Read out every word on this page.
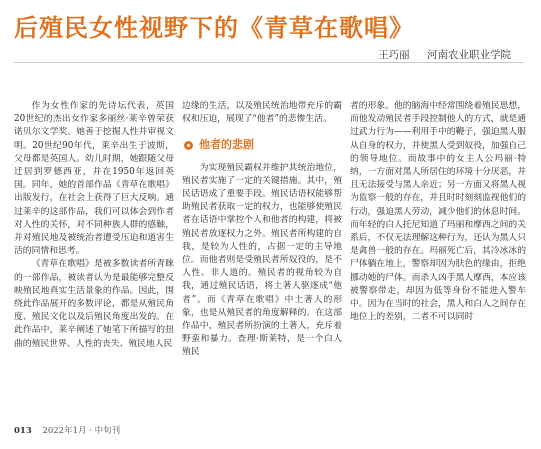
后殖民女性视野下的《青草在歌唱》
王巧丽 河南农业职业学院

作为女性作家的先诗坛代表，英国20世纪的杰出女作家多丽丝·莱辛曾荣获诺贝尔文学奖。她善于挖掘人性并审视文明。20世纪90年代，莱辛出生于波斯，父母都是英国人。幼儿时期，她跟随父母迁居到罗德西亚，并在1950年返回英国。同年，她的首部作品《青草在歌唱》出版发行，在社会上获得了巨大反响。通过莱辛的这部作品，我们可以体会到作者对人性的关怀，对不同种族人群的感触，并对殖民地及被统治者遭受压迫和道害生活的同情和思考。

《青草在歌唱》是被多数读者所青睐的一部作品，被读者认为是最能够完整反映殖民地真实生活景象的作品。因此，围绕此作品展开的多数评论，都是从殖民角度、殖民文化以及后殖民角度出发的。在此作品中，莱辛阐述了她笔下所描写的扭曲的殖民世界、人性的丧失、殖民地人民

边缘的生活，以及殖民统治地带充斥的霸权和压迫，展现了“他者”的悲惨生活。

他者的悲剧

为实现殖民霸权并维护其统治地位，殖民者实施了一定的关键措施。其中，殖民话语成了重要手段。殖民话语权能够帮助殖民者获取一定的权力，也能够使殖民者在话语中掌控个人和他者的构建，将被殖民者放逐权力之外。殖民者所构建的自我，是较为人性的，占据一定的主导地位。而他者则是受殖民者所奴役的，是不人性、非人道的。殖民者的视角较为自我，通过殖民话语，将土著人驱逐成“他者”。而《青草在歌唱》中土著人的形象，也是从殖民者的角度解释的。在这部作品中，殖民者所扮演的土著人，充斥着野蛮和暴力。查理·斯莱特，是一个白人殖民

者的形象。他的脑海中经常围绕着殖民思想，而他发动殖民者手段控制他人的方式，就是通过武力行为——利用手中的鞭子，强迫黑人服从自身的权力，并使黑人受到奴役，加强自己的领导地位。而故事中的女主人公玛丽·特纳，一方面对黑人所居住的环境十分厌恶，并且无法接受与黑人亲近；另一方面又将黑人视为监察一般的存在，并且时时刻刻监视他们的行动，强迫黑人劳动，减少他们的休息时间。而年轻的白人托尼知道了玛丽和摩西之间的关系后，不仅无法理解这种行为，还认为黑人只是禽兽一般的存在。玛丽死亡后，其冷冰冰的尸体躺在地上，警察却因为肤色的缘由，拒绝挪动她的尸体。而杀人凶手黑人摩西，本应该被警察带走，却因为低等身份不能进入警车中。因为在当时的社会，黑人和白人之间存在地位上的差别，二者不可以同时

013 2022年1月 · 中旬刊
